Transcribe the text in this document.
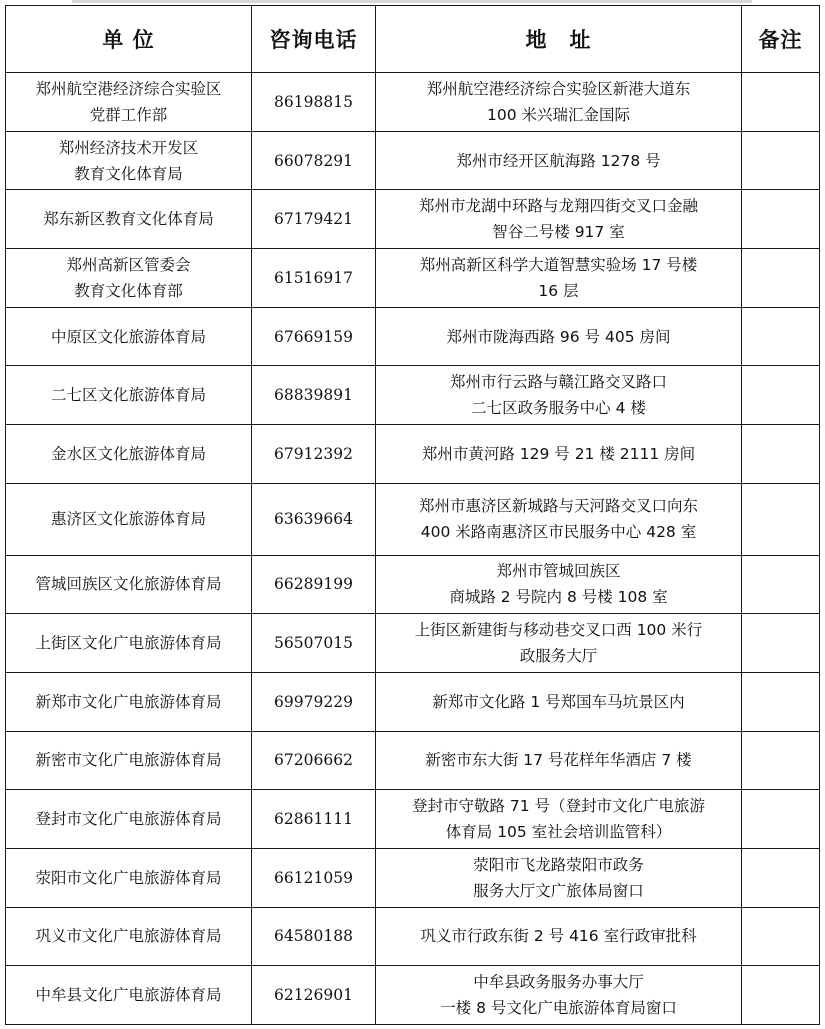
单 位	咨询电话	地　址	备注

郑州航空港经济综合实验区
党群工作部	86198815	郑州航空港经济综合实验区新港大道东
100 米兴瑞汇金国际	

郑州经济技术开发区
教育文化体育局	66078291	郑州市经开区航海路 1278 号	

郑东新区教育文化体育局	67179421	郑州市龙湖中环路与龙翔四街交叉口金融
智谷二号楼 917 室	

郑州高新区管委会
教育文化体育部	61516917	郑州高新区科学大道智慧实验场 17 号楼
16 层	

中原区文化旅游体育局	67669159	郑州市陇海西路 96 号 405 房间	

二七区文化旅游体育局	68839891	郑州市行云路与赣江路交叉路口
二七区政务服务中心 4 楼	

金水区文化旅游体育局	67912392	郑州市黄河路 129 号 21 楼 2111 房间	

惠济区文化旅游体育局	63639664	郑州市惠济区新城路与天河路交叉口向东
400 米路南惠济区市民服务中心 428 室	

管城回族区文化旅游体育局	66289199	郑州市管城回族区
商城路 2 号院内 8 号楼 108 室	

上街区文化广电旅游体育局	56507015	上街区新建街与移动巷交叉口西 100 米行
政服务大厅	

新郑市文化广电旅游体育局	69979229	新郑市文化路 1 号郑国车马坑景区内	

新密市文化广电旅游体育局	67206662	新密市东大街 17 号花样年华酒店 7 楼	

登封市文化广电旅游体育局	62861111	登封市守敬路 71 号（登封市文化广电旅游
体育局 105 室社会培训监管科）	

荥阳市文化广电旅游体育局	66121059	荥阳市飞龙路荥阳市政务
服务大厅文广旅体局窗口	

巩义市文化广电旅游体育局	64580188	巩义市行政东街 2 号 416 室行政审批科	

中牟县文化广电旅游体育局	62126901	中牟县政务服务办事大厅
一楼 8 号文化广电旅游体育局窗口	
